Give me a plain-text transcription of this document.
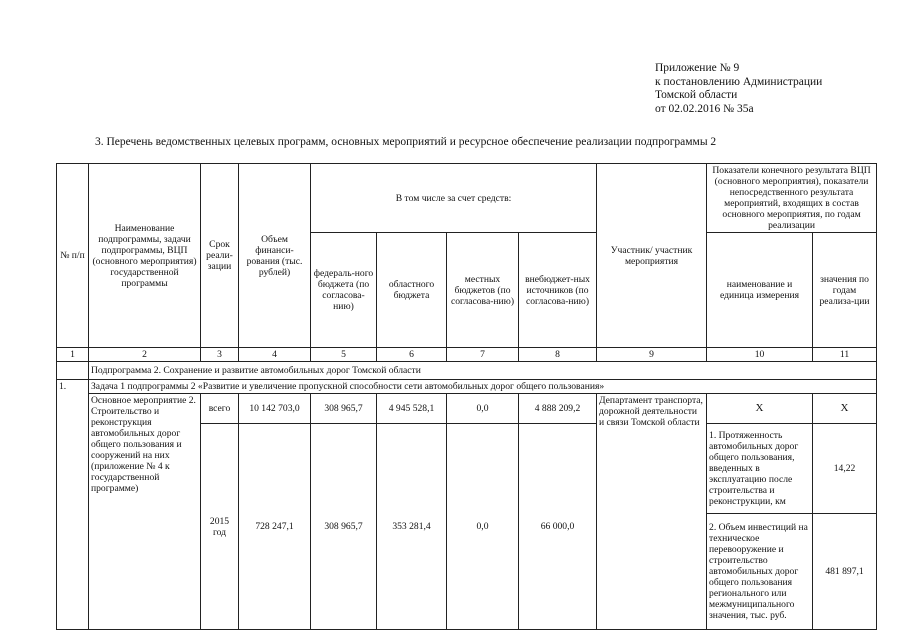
Приложение № 9
к постановлению Администрации
Томской области
от 02.02.2016 № 35а
3. Перечень ведомственных целевых программ, основных мероприятий и ресурсное обеспечение реализации подпрограммы 2
№ п/п	Наименование подпрограммы, задачи подпрограммы, ВЦП (основного мероприятия) государственной программы	Срок реали-зации	Объем финанси-рования (тыс. рублей)	В том числе за счет средств:				Участник/ участник мероприятия	Показатели конечного результата ВЦП (основного мероприятия), показатели непосредственного результата мероприятий, входящих в состав основного мероприятия, по годам реализации	
				федераль-ного бюджета (по согласова-нию)	областного бюджета	местных бюджетов (по согласова-нию)	внебюджет-ных источников (по согласова-нию)		наименование и единица измерения	значения по годам реализа-ции
1	2	3	4	5	6	7	8	9	10	11
	Подпрограмма 2. Сохранение и развитие автомобильных дорог Томской области									
1.	Задача 1 подпрограммы 2 «Развитие и увеличение пропускной способности сети автомобильных дорог общего пользования»									
	Основное мероприятие 2. Строительство и реконструкция автомобильных дорог общего пользования и сооружений на них (приложение № 4 к государственной программе)	всего	10 142 703,0	308 965,7	4 945 528,1	0,0	4 888 209,2	Департамент транспорта, дорожной деятельности и связи Томской области	Х	Х
		2015 год	728 247,1	308 965,7	353 281,4	0,0	66 000,0		1. Протяженность автомобильных дорог общего пользования, введенных в эксплуатацию после строительства и реконструкции, км	14,22
									2. Объем инвестиций на техническое перевооружение и строительство автомобильных дорог общего пользования регионального или межмуниципального значения, тыс. руб.	481 897,1
